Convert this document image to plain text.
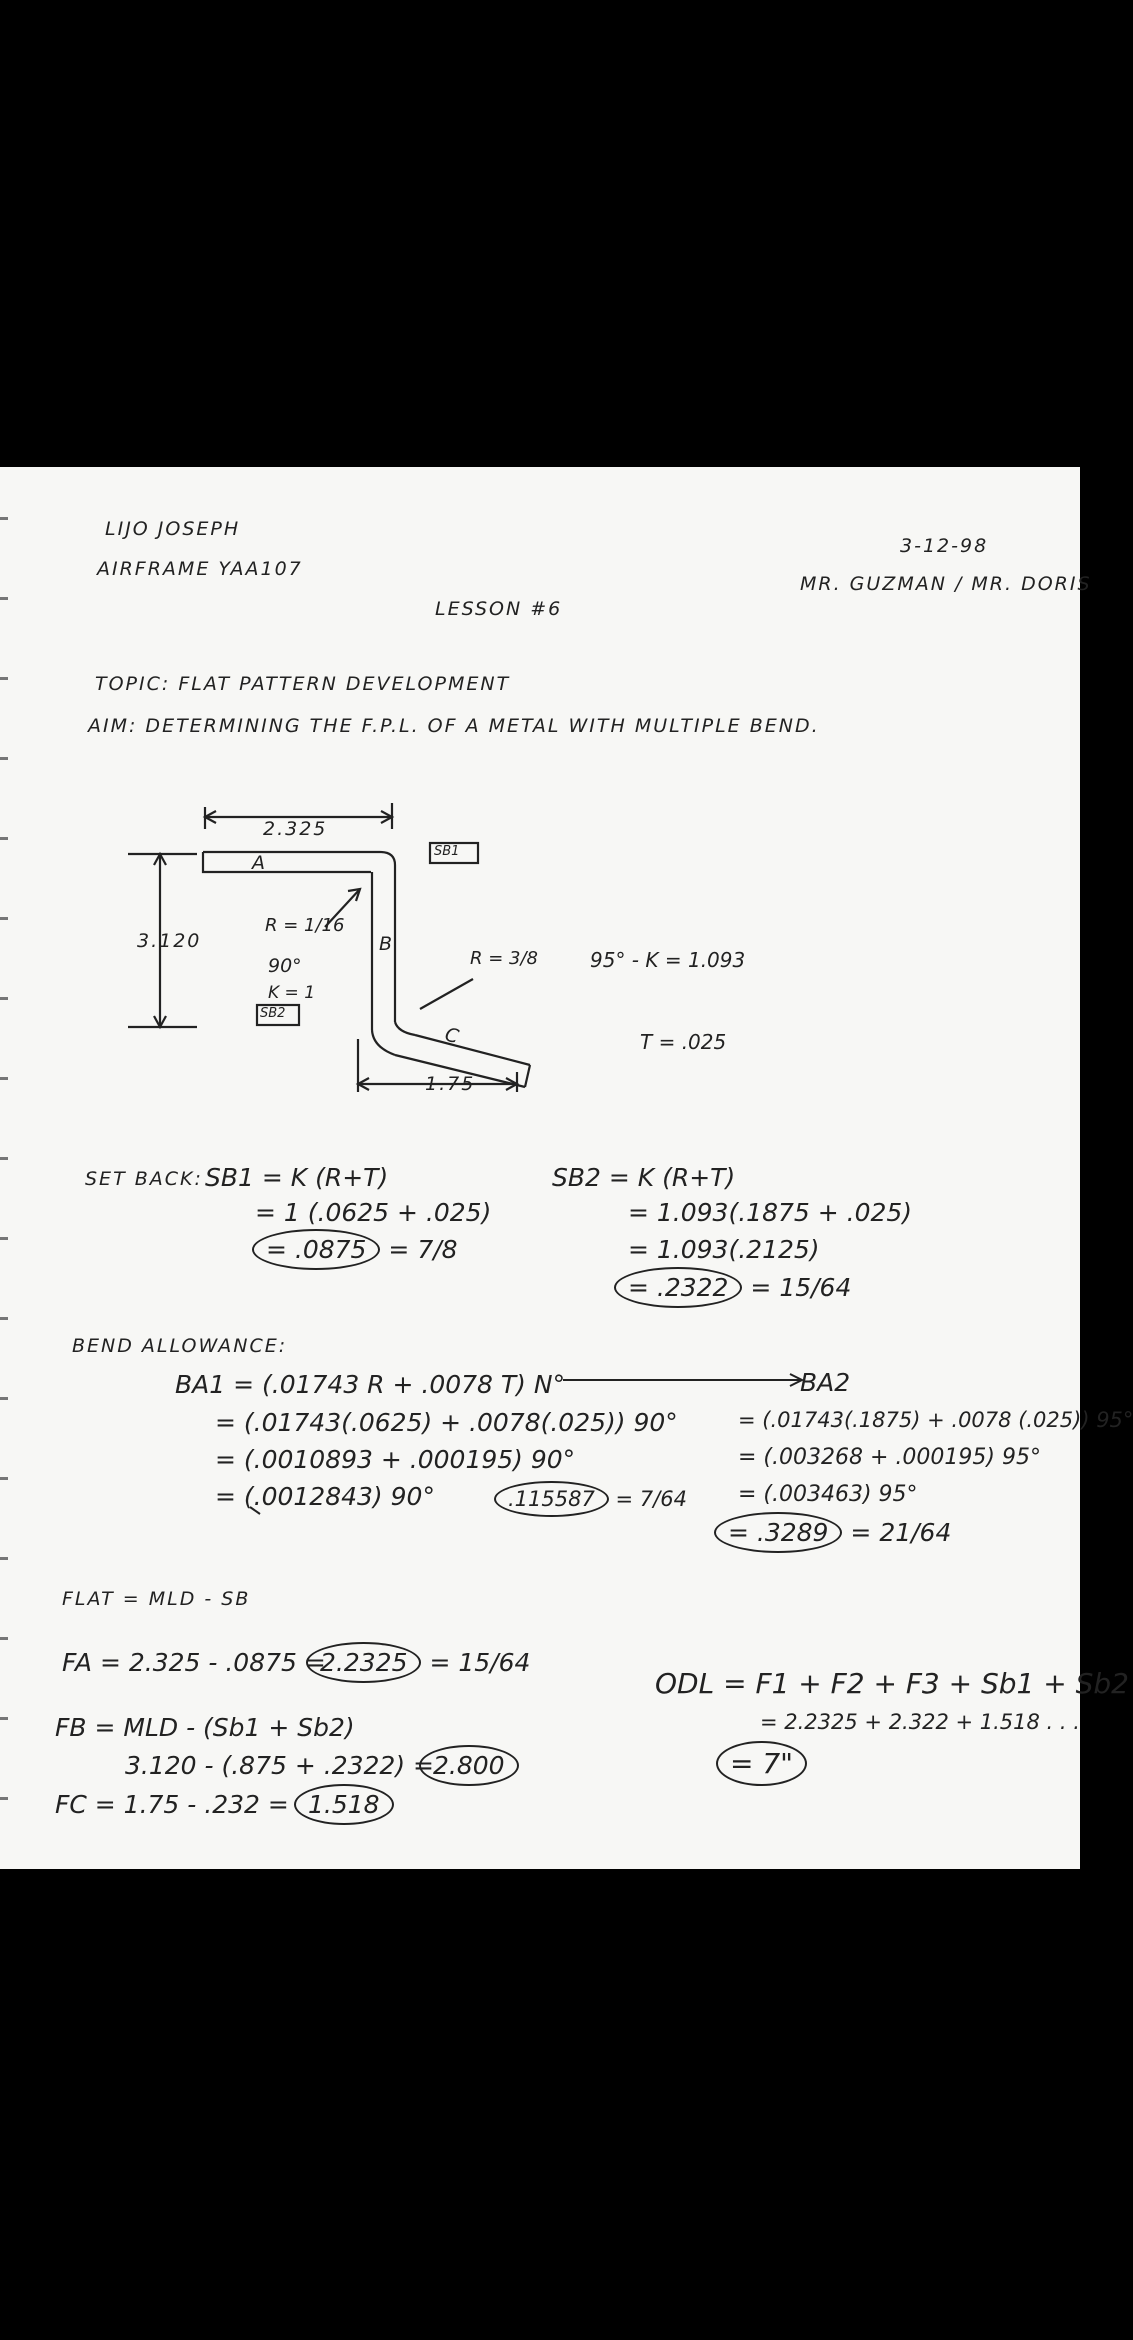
LIJO JOSEPH
AIRFRAME YAA107
3-12-98
MR. GUZMAN / MR. DORIS
LESSON #6
TOPIC: FLAT PATTERN DEVELOPMENT
AIM: DETERMINING THE F.P.L. OF A METAL WITH MULTIPLE BEND.
2.325
3.120
1.75
A
B
C
SB1
SB2
R = 1/16
90°
K = 1
R = 3/8	95° - K = 1.093
T = .025
SET BACK: SB1 = K (R+T)
= 1 (.0625 + .025)
= .0875 = 7/8
SB2 = K (R+T)
= 1.093(.1875 + .025)
= 1.093(.2125)
= .2322 = 15/64
BEND ALLOWANCE:
BA1 = (.01743 R + .0078 T) N°
= (.01743(.0625) + .0078(.025)) 90°
= (.0010893 + .000195) 90°
= (.0012843) 90°	.115587 = 7/64
BA2
= (.01743(.1875) + .0078 (.025)) 95°
= (.003268 + .000195) 95°
= (.003463) 95°
= .3289 = 21/64
FLAT = MLD - SB
FA = 2.325 - .0875 =
2.2325 = 15/64
FB = MLD - (Sb1 + Sb2)
3.120 - (.875 + .2322) = 2.800
FC = 1.75 - .232 = 1.518
ODL = F1 + F2 + F3 + Sb1 + Sb2
= 2.2325 + 2.322 + 1.518 . . .
= 7"
